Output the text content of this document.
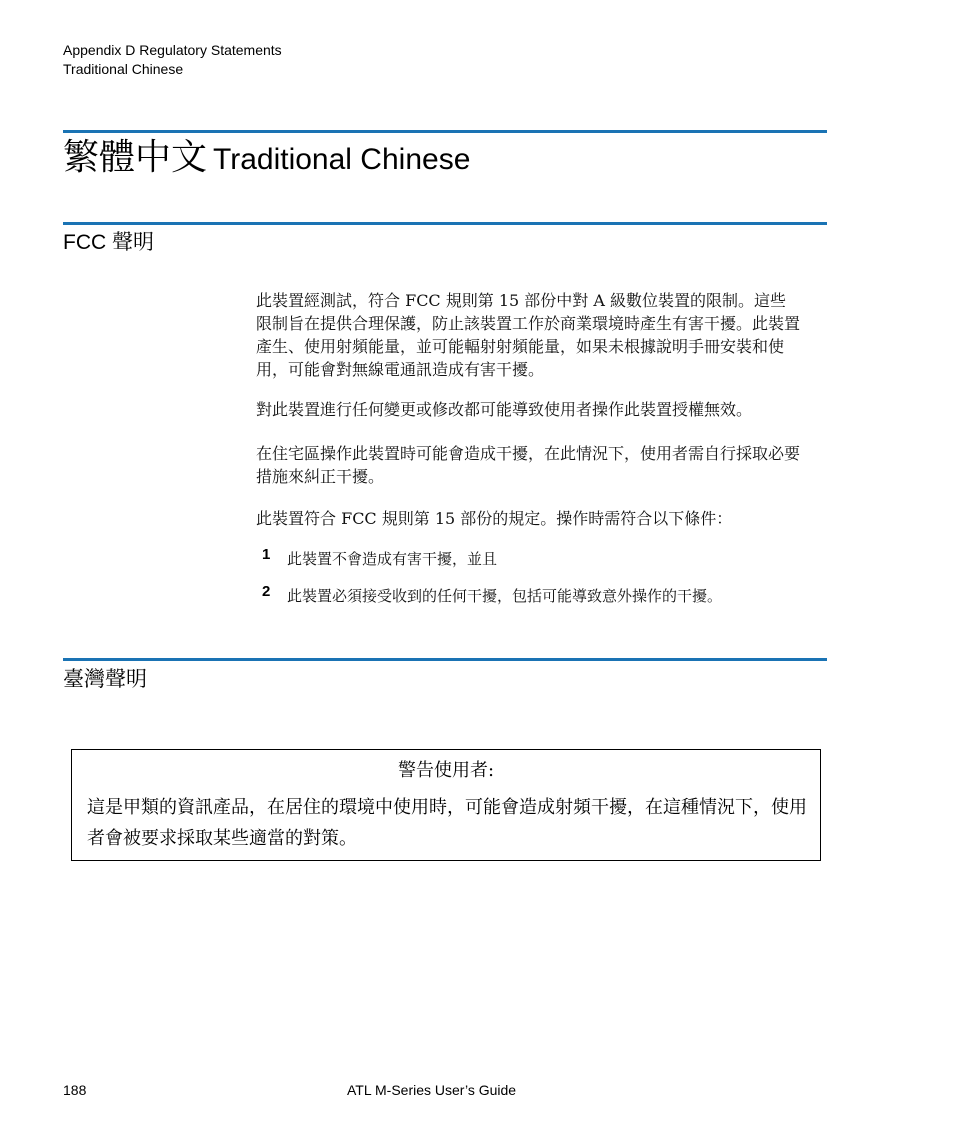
Appendix D Regulatory Statements
Traditional Chinese
繁體中文 Traditional Chinese
FCC 聲明

此裝置經測試，符合 FCC 規則第 15 部份中對 A 級數位裝置的限制。這些限制旨在提供合理保護，防止該裝置工作於商業環境時產生有害干擾。此裝置產生、使用射頻能量，並可能輻射射頻能量，如果未根據說明手冊安裝和使用，可能會對無線電通訊造成有害干擾。

對此裝置進行任何變更或修改都可能導致使用者操作此裝置授權無效。

在住宅區操作此裝置時可能會造成干擾，在此情況下，使用者需自行採取必要措施來糾正干擾。

此裝置符合 FCC 規則第 15 部份的規定。操作時需符合以下條件：

1 此裝置不會造成有害干擾，並且
2 此裝置必須接受收到的任何干擾，包括可能導致意外操作的干擾。
臺灣聲明
警告使用者:
這是甲類的資訊產品，在居住的環境中使用時，可能會造成射頻干擾，在這種情況下，使用者會被要求採取某些適當的對策。
188	ATL M-Series User’s Guide
